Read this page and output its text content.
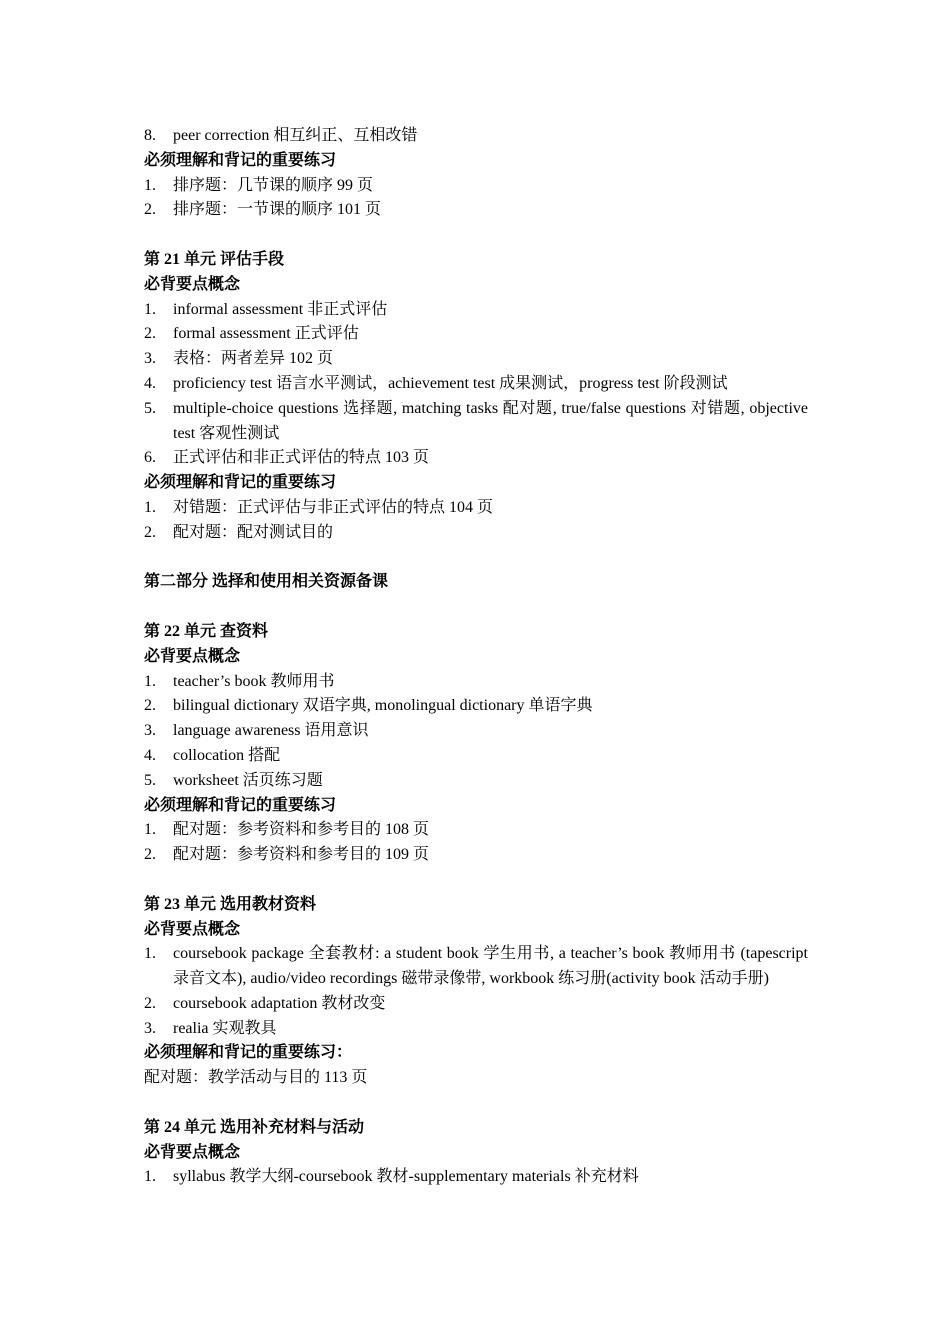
8.	peer correction 相互纠正、互相改错
必须理解和背记的重要练习
1.	排序题：几节课的顺序 99 页
2.	排序题：一节课的顺序 101 页
第 21 单元 评估手段
必背要点概念
1.	informal assessment 非正式评估
2.	formal assessment 正式评估
3.	表格：两者差异 102 页
4.	proficiency test 语言水平测试，achievement test 成果测试，progress test 阶段测试
5.	multiple-choice questions 选择题, matching tasks 配对题, true/false questions 对错题, objective test 客观性测试
6.	正式评估和非正式评估的特点 103 页
必须理解和背记的重要练习
1.	对错题：正式评估与非正式评估的特点 104 页
2.	配对题：配对测试目的
第二部分 选择和使用相关资源备课
第 22 单元 查资料
必背要点概念
1.	teacher’s book 教师用书
2.	bilingual dictionary 双语字典, monolingual dictionary 单语字典
3.	language awareness 语用意识
4.	collocation 搭配
5.	worksheet 活页练习题
必须理解和背记的重要练习
1.	配对题：参考资料和参考目的 108 页
2.	配对题：参考资料和参考目的 109 页
第 23 单元 选用教材资料
必背要点概念
1.	coursebook package 全套教材: a student book 学生用书, a teacher’s book 教师用书 (tapescript 录音文本), audio/video recordings 磁带录像带, workbook 练习册(activity book 活动手册)
2.	coursebook adaptation 教材改变
3.	realia 实观教具
必须理解和背记的重要练习：
配对题：教学活动与目的 113 页
第 24 单元 选用补充材料与活动
必背要点概念
1.	syllabus 教学大纲-coursebook 教材-supplementary materials 补充材料
